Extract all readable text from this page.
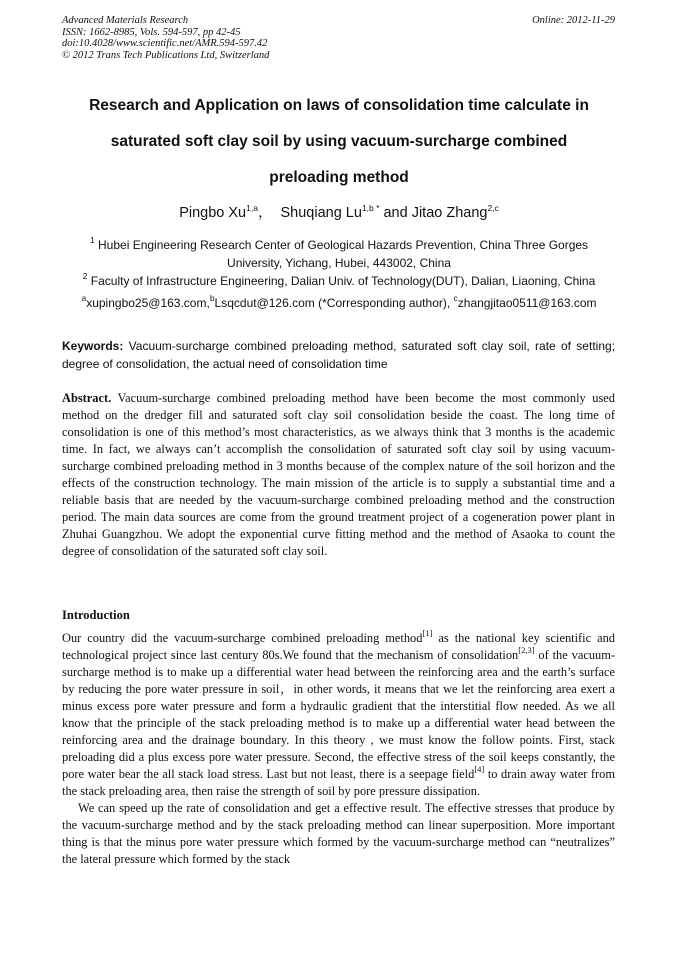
Advanced Materials Research
ISSN: 1662-8985, Vols. 594-597, pp 42-45
doi:10.4028/www.scientific.net/AMR.594-597.42
© 2012 Trans Tech Publications Ltd, Switzerland
Online: 2012-11-29
Research and Application on laws of consolidation time calculate in
saturated soft clay soil by using vacuum-surcharge combined
preloading method
Pingbo Xu$^{1,a}$，  Shuqiang $Lu^{1,b *}$ and Jitao Zhang$^{2,c}$
$^1$ Hubei Engineering Research Center of Geological Hazards Prevention, China Three Gorges
University, Yichang, Hubei, 443002, China
$^2$ Faculty of Infrastructure Engineering, Dalian Univ. of Technology(DUT), Dalian, Liaoning, China
$^a$xupingbo25@163.com,$^b$Lsqcdut@126.com (*Corresponding author), $^c$zhangjitao0511@163.com
Keywords: Vacuum-surcharge combined preloading method, saturated soft clay soil, rate of setting; degree of consolidation, the actual need of consolidation time

Abstract. Vacuum-surcharge combined preloading method have been become the most commonly used method on the dredger fill and saturated soft clay soil consolidation beside the coast. The long time of consolidation is one of this method’s most characteristics, as we always think that 3 months is the academic time. In fact, we always can’t accomplish the consolidation of saturated soft clay soil by using vacuum-surcharge combined preloading method in 3 months because of the complex nature of the soil horizon and the effects of the construction technology. The main mission of the article is to supply a substantial time and a reliable basis that are needed by the vacuum-surcharge combined preloading method and the construction period. The main data sources are come from the ground treatment project of a cogeneration power plant in Zhuhai Guangzhou. We adopt the exponential curve fitting method and the method of Asaoka to count the degree of consolidation of the saturated soft clay soil.

Introduction

Our country did the vacuum-surcharge combined preloading method[1] as the national key scientific and technological project since last century 80s.We found that the mechanism of consolidation[2,3] of the vacuum-surcharge method is to make up a differential water head between the reinforcing area and the earth’s surface by reducing the pore water pressure in soil，in other words, it means that we let the reinforcing area exert a minus excess pore water pressure and form a hydraulic gradient that the interstitial flow needed. As we all know that the principle of the stack preloading method is to make up a differential water head between the reinforcing area and the drainage boundary. In this theory , we must know the follow points. First, stack preloading did a plus excess pore water pressure. Second, the effective stress of the soil keeps constantly, the pore water bear the all stack load stress. Last but not least, there is a seepage field[4] to drain away water from the stack preloading area, then raise the strength of soil by pore pressure dissipation.

We can speed up the rate of consolidation and get a effective result. The effective stresses that produce by the vacuum-surcharge method and by the stack preloading method can linear superposition. More important thing is that the minus pore water pressure which formed by the vacuum-surcharge method can “neutralizes” the lateral pressure which formed by the stack
